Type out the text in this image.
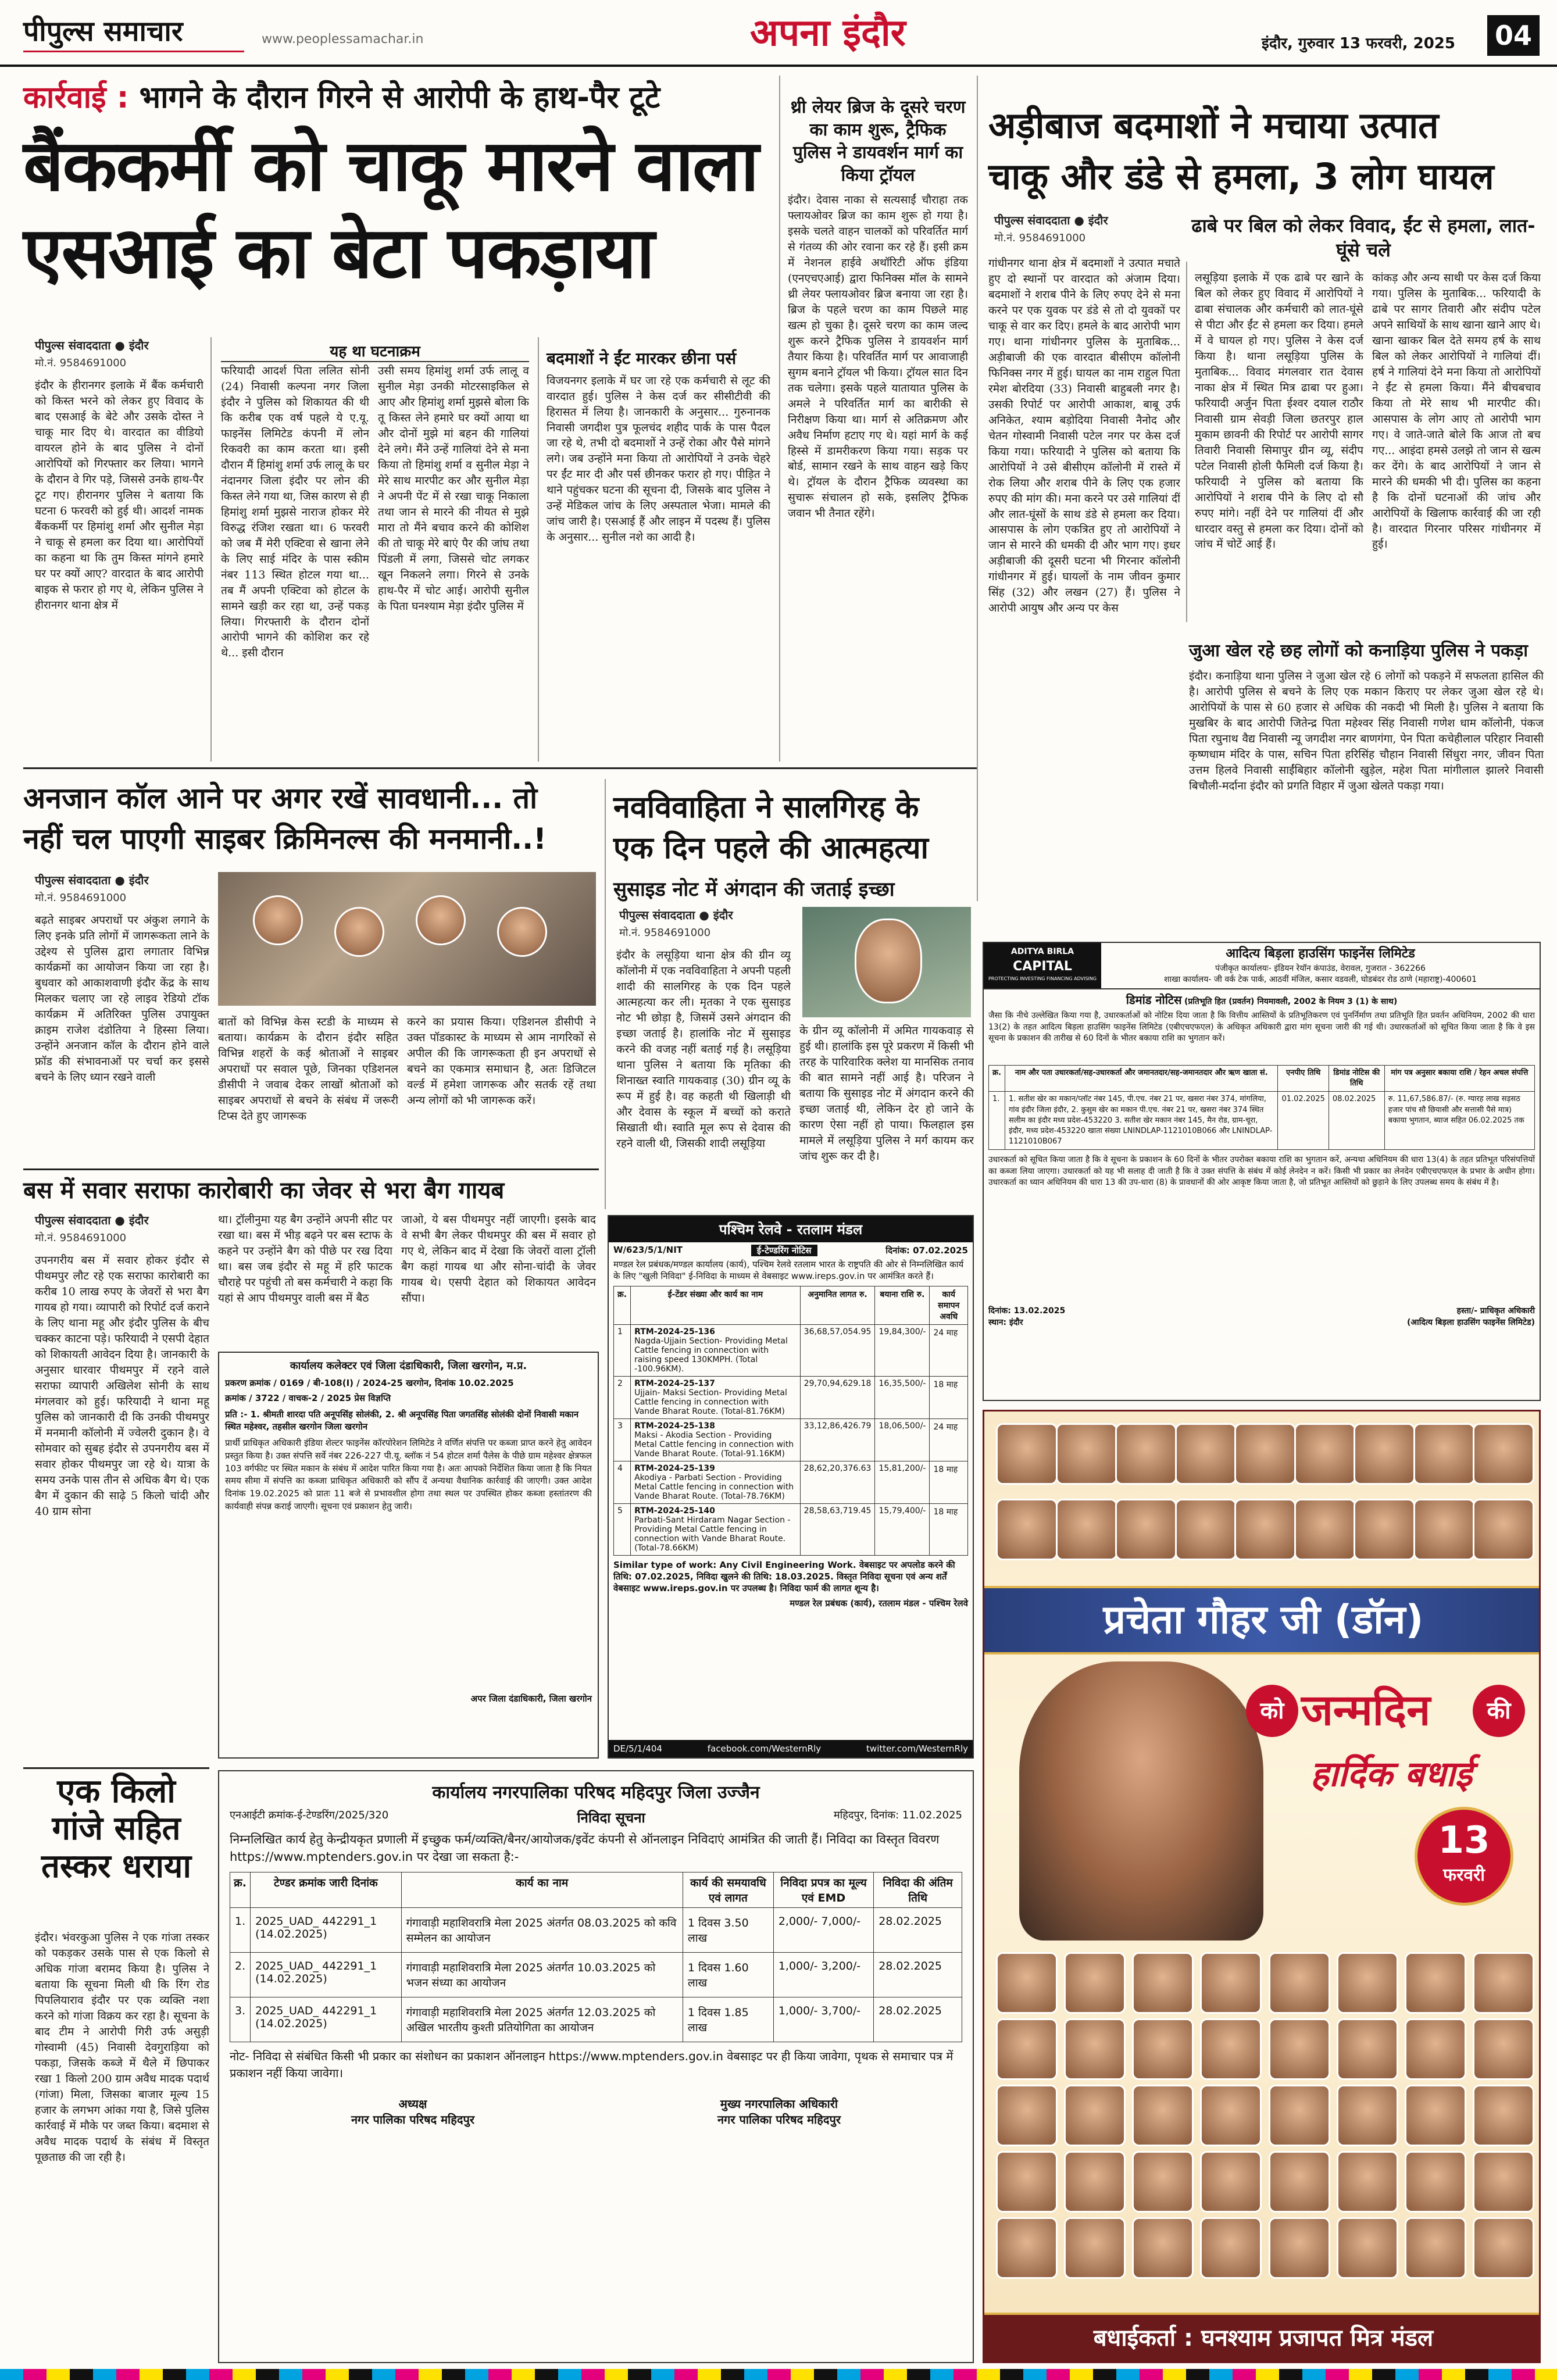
पीपुल्स समाचार	www.peoplessamachar.in	अपना इंदौर	इंदौर, गुरुवार 13 फरवरी, 2025 04
कार्रवाई : भागने के दौरान गिरने से आरोपी के हाथ-पैर टूटे
बैंककर्मी को चाकू मारने वाला
एसआई का बेटा पकड़ाया
पीपुल्स संवाददाता ● इंदौर
मो.नं. 9584691000
इंदौर के हीरानगर इलाके में बैंक कर्मचारी को किस्त भरने को लेकर हुए विवाद के बाद एसआई के बेटे और उसके दोस्त ने चाकू मार दिए थे। वारदात का वीडियो वायरल होने के बाद पुलिस ने दोनों आरोपियों को गिरफ्तार कर लिया। भागने के दौरान वे गिर पड़े, जिससे उनके हाथ-पैर टूट गए। हीरानगर पुलिस ने बताया कि घटना 6 फरवरी को हुई थी। आदर्श नामक बैंककर्मी पर हिमांशु शर्मा और सुनील मेड़ा ने चाकू से हमला कर दिया था। आरोपियों का कहना था कि तुम किस्त मांगने हमारे घर पर क्यों आए? वारदात के बाद आरोपी बाइक से फरार हो गए थे, लेकिन पुलिस ने हीरानगर थाना क्षेत्र में
यह था घटनाक्रम
फरियादी आदर्श पिता ललित सोनी (24) निवासी कल्पना नगर जिला इंदौर ने पुलिस को शिकायत की थी कि करीब एक वर्ष पहले ये ए.यू. फाइनेंस लिमिटेड कंपनी में लोन रिकवरी का काम करता था। इसी दौरान मैं हिमांशु शर्मा उर्फ लालू के घर नंदानगर जिला इंदौर पर लोन की किस्त लेने गया था, जिस कारण से ही हिमांशु शर्मा मुझसे नाराज होकर मेरे विरुद्ध रंजिश रखता था। 6 फरवरी को जब मैं मेरी एक्टिवा से खाना लेने के लिए साई मंदिर के पास स्कीम नंबर 113 स्थित होटल गया था... तब मैं अपनी एक्टिवा को होटल के सामने खड़ी कर रहा था, उन्हें पकड़ लिया। गिरफ्तारी के दौरान दोनों आरोपी भागने की कोशिश कर रहे थे... इसी दौरान
उसी समय हिमांशु शर्मा उर्फ लालू व सुनील मेड़ा उनकी मोटरसाइकिल से आए और हिमांशु शर्मा मुझसे बोला कि तू किस्त लेने हमारे घर क्यों आया था और दोनों मुझे मां बहन की गालियां देने लगे। मैंने उन्हें गालियां देने से मना किया तो हिमांशु शर्मा व सुनील मेड़ा ने मेरे साथ मारपीट कर और सुनील मेड़ा ने अपनी पेंट में से रखा चाकू निकाला तथा जान से मारने की नीयत से मुझे मारा तो मैंने बचाव करने की कोशिश की तो चाकू मेरे बाएं पैर की जांघ तथा पिंडली में लगा, जिससे चोट लगकर खून निकलने लगा। गिरने से उनके हाथ-पैर में चोट आई। आरोपी सुनील के पिता घनश्याम मेड़ा इंदौर पुलिस में
बदमाशों ने ईंट मारकर छीना पर्स
विजयनगर इलाके में घर जा रहे एक कर्मचारी से लूट की वारदात हुई। पुलिस ने केस दर्ज कर सीसीटीवी की हिरासत में लिया है। जानकारी के अनुसार... गुरुनानक निवासी जगदीश पुत्र फूलचंद शहीद पार्क के पास पैदल जा रहे थे, तभी दो बदमाशों ने उन्हें रोका और पैसे मांगने लगे। जब उन्होंने मना किया तो आरोपियों ने उनके चेहरे पर ईंट मार दी और पर्स छीनकर फरार हो गए। पीड़ित ने थाने पहुंचकर घटना की सूचना दी, जिसके बाद पुलिस ने उन्हें मेडिकल जांच के लिए अस्पताल भेजा। मामले की जांच जारी है। एसआई हैं और लाइन में पदस्थ हैं। पुलिस के अनुसार... सुनील नशे का आदी है।
थ्री लेयर ब्रिज के दूसरे चरण का काम शुरू, ट्रैफिक पुलिस ने डायवर्शन मार्ग का किया ट्रॉयल
इंदौर। देवास नाका से सत्यसाईं चौराहा तक फ्लायओवर ब्रिज का काम शुरू हो गया है। इसके चलते वाहन चालकों को परिवर्तित मार्ग से गंतव्य की ओर रवाना कर रहे हैं। इसी क्रम में नेशनल हाईवे अथॉरिटी ऑफ इंडिया (एनएचएआई) द्वारा फिनिक्स मॉल के सामने थ्री लेयर फ्लायओवर ब्रिज बनाया जा रहा है। ब्रिज के पहले चरण का काम पिछले माह खत्म हो चुका है। दूसरे चरण का काम जल्द शुरू करने ट्रैफिक पुलिस ने डायवर्शन मार्ग तैयार किया है। परिवर्तित मार्ग पर आवाजाही सुगम बनाने ट्रॉयल भी किया। ट्रॉयल सात दिन तक चलेगा। इसके पहले यातायात पुलिस के अमले ने परिवर्तित मार्ग का बारीकी से निरीक्षण किया था। मार्ग से अतिक्रमण और अवैध निर्माण हटाए गए थे। यहां मार्ग के कई हिस्से में डामरीकरण किया गया। सड़क पर बोर्ड, सामान रखने के साथ वाहन खड़े किए थे। ट्रॉयल के दौरान ट्रैफिक व्यवस्था का सुचारू संचालन हो सके, इसलिए ट्रैफिक जवान भी तैनात रहेंगे।
अड़ीबाज बदमाशों ने मचाया उत्पात
चाकू और डंडे से हमला, 3 लोग घायल
पीपुल्स संवाददाता ● इंदौर
मो.नं. 9584691000
ढाबे पर बिल को लेकर विवाद, ईंट से हमला, लात-घूंसे चले
गांधीनगर थाना क्षेत्र में बदमाशों ने उत्पात मचाते हुए दो स्थानों पर वारदात को अंजाम दिया। बदमाशों ने शराब पीने के लिए रुपए देने से मना करने पर एक युवक पर डंडे से तो दो युवकों पर चाकू से वार कर दिए। हमले के बाद आरोपी भाग गए। थाना गांधीनगर पुलिस के मुताबिक... अड़ीबाजी की एक वारदात बीसीएम कॉलोनी फिनिक्स नगर में हुई। घायल का नाम राहुल पिता रमेश बोरदिया (33) निवासी बाहुबली नगर है। उसकी रिपोर्ट पर आरोपी आकाश, बाबू उर्फ अनिकेत, श्याम बड़ोदिया निवासी नैनोद और चेतन गोस्वामी निवासी पटेल नगर पर केस दर्ज किया गया। फरियादी ने पुलिस को बताया कि आरोपियों ने उसे बीसीएम कॉलोनी में रास्ते में रोक लिया और शराब पीने के लिए एक हजार रुपए की मांग की। मना करने पर उसे गालियां दीं और लात-घूंसों के साथ डंडे से हमला कर दिया। आसपास के लोग एकत्रित हुए तो आरोपियों ने जान से मारने की धमकी दी और भाग गए। इधर अड़ीबाजी की दूसरी घटना भी गिरनार कॉलोनी गांधीनगर में हुई। घायलों के नाम जीवन कुमार सिंह (32) और लखन (27) हैं। पुलिस ने आरोपी आयुष और अन्य पर केस
लसूड़िया इलाके में एक ढाबे पर खाने के बिल को लेकर हुए विवाद में आरोपियों ने ढाबा संचालक और कर्मचारी को लात-घूंसे से पीटा और ईंट से हमला कर दिया। हमले में वे घायल हो गए। पुलिस ने केस दर्ज किया है। थाना लसूड़िया पुलिस के मुताबिक... विवाद मंगलवार रात देवास नाका क्षेत्र में स्थित मित्र ढाबा पर हुआ। फरियादी अर्जुन पिता ईश्वर दयाल राठौर निवासी ग्राम सेवड़ी जिला छतरपुर हाल मुकाम छावनी की रिपोर्ट पर आरोपी सागर तिवारी निवासी सिमापुर ग्रीन व्यू, संदीप पटेल निवासी होली फैमिली दर्ज किया है। फरियादी ने पुलिस को बताया कि आरोपियों ने शराब पीने के लिए दो सौ रुपए मांगे। नहीं देने पर गालियां दीं और धारदार वस्तु से हमला कर दिया। दोनों को जांच में चोटें आई हैं।
कांकड़ और अन्य साथी पर केस दर्ज किया गया। पुलिस के मुताबिक... फरियादी के ढाबे पर सागर तिवारी और संदीप पटेल अपने साथियों के साथ खाना खाने आए थे। खाना खाकर बिल देते समय हर्ष के साथ बिल को लेकर आरोपियों ने गालियां दीं। हर्ष ने गालियां देने मना किया तो आरोपियों ने ईंट से हमला किया। मैंने बीचबचाव किया तो मेरे साथ भी मारपीट की। आसपास के लोग आए तो आरोपी भाग गए। वे जाते-जाते बोले कि आज तो बच गए... आइंदा हमसे उलझे तो जान से खत्म कर देंगे। के बाद आरोपियों ने जान से मारने की धमकी भी दी। पुलिस का कहना है कि दोनों घटनाओं की जांच और आरोपियों के खिलाफ कार्रवाई की जा रही है। वारदात गिरनार परिसर गांधीनगर में हुई।
जुआ खेल रहे छह लोगों को कनाड़िया पुलिस ने पकड़ा
इंदौर। कनाड़िया थाना पुलिस ने जुआ खेल रहे 6 लोगों को पकड़ने में सफलता हासिल की है। आरोपी पुलिस से बचने के लिए एक मकान किराए पर लेकर जुआ खेल रहे थे। आरोपियों के पास से 60 हजार से अधिक की नकदी भी मिली है। पुलिस ने बताया कि मुखबिर के बाद आरोपी जितेन्द्र पिता महेश्वर सिंह निवासी गणेश धाम कॉलोनी, पंकज पिता रघुनाथ वैद्य निवासी न्यू जगदीश नगर बाणगंगा, पेन पिता कचेहीलाल परिहार निवासी कृष्णधाम मंदिर के पास, सचिन पिता हरिसिंह चौहान निवासी सिंधुरा नगर, जीवन पिता उत्तम हिलवे निवासी साईंबिहार कॉलोनी खुड़ेल, महेश पिता मांगीलाल झालरे निवासी बिचौली-मर्दाना इंदौर को प्रगति विहार में जुआ खेलते पकड़ा गया।
अनजान कॉल आने पर अगर रखें सावधानी... तो
नहीं चल पाएगी साइबर क्रिमिनल्स की मनमानी..!
पीपुल्स संवाददाता ● इंदौर
मो.नं. 9584691000
बढ़ते साइबर अपराधों पर अंकुश लगाने के लिए इनके प्रति लोगों में जागरूकता लाने के उद्देश्य से पुलिस द्वारा लगातार विभिन्न कार्यक्रमों का आयोजन किया जा रहा है। बुधवार को आकाशवाणी इंदौर केंद्र के साथ मिलकर चलाए जा रहे लाइव रेडियो टॉक कार्यक्रम में अतिरिक्त पुलिस उपायुक्त क्राइम राजेश दंडोतिया ने हिस्सा लिया। उन्होंने अनजान कॉल के दौरान होने वाले फ्रॉड की संभावनाओं पर चर्चा कर इससे बचने के लिए ध्यान रखने वाली
बातों को विभिन्न केस स्टडी के माध्यम से बताया। कार्यक्रम के दौरान इंदौर सहित विभिन्न शहरों के कई श्रोताओं ने साइबर अपराधों पर सवाल पूछे, जिनका एडिशनल डीसीपी ने जवाब देकर लाखों श्रोताओं को साइबर अपराधों से बचने के संबंध में जरूरी टिप्स देते हुए जागरूक
करने का प्रयास किया। एडिशनल डीसीपी ने उक्त पॉडकास्ट के माध्यम से आम नागरिकों से अपील की कि जागरूकता ही इन अपराधों से बचने का एकमात्र समाधान है, अतः डिजिटल वर्ल्ड में हमेशा जागरूक और सतर्क रहें तथा अन्य लोगों को भी जागरूक करें।
नवविवाहिता ने सालगिरह के
एक दिन पहले की आत्महत्या
सुसाइड नोट में अंगदान की जताई इच्छा
पीपुल्स संवाददाता ● इंदौर
मो.नं. 9584691000
इंदौर के लसूड़िया थाना क्षेत्र की ग्रीन व्यू कॉलोनी में एक नवविवाहिता ने अपनी पहली शादी की सालगिरह के एक दिन पहले आत्महत्या कर ली। मृतका ने एक सुसाइड नोट भी छोड़ा है, जिसमें उसने अंगदान की इच्छा जताई है। हालांकि नोट में सुसाइड करने की वजह नहीं बताई गई है। लसूड़िया थाना पुलिस ने बताया कि मृतिका की शिनाख्त स्वाति गायकवाड़ (30) ग्रीन व्यू के रूप में हुई है। वह कहती थी खिलाड़ी थी और देवास के स्कूल में बच्चों को कराते सिखाती थी। स्वाति मूल रूप से देवास की रहने वाली थी, जिसकी शादी लसूड़िया
के ग्रीन व्यू कॉलोनी में अमित गायकवाड़ से हुई थी। हालांकि इस पूरे प्रकरण में किसी भी तरह के पारिवारिक क्लेश या मानसिक तनाव की बात सामने नहीं आई है। परिजन ने बताया कि सुसाइड नोट में अंगदान करने की इच्छा जताई थी, लेकिन देर हो जाने के कारण ऐसा नहीं हो पाया। फिलहाल इस मामले में लसूड़िया पुलिस ने मर्ग कायम कर जांच शुरू कर दी है।
बस में सवार सराफा कारोबारी का जेवर से भरा बैग गायब
पीपुल्स संवाददाता ● इंदौर
मो.नं. 9584691000
उपनगरीय बस में सवार होकर इंदौर से पीथमपुर लौट रहे एक सराफा कारोबारी का करीब 10 लाख रुपए के जेवरों से भरा बैग गायब हो गया। व्यापारी को रिपोर्ट दर्ज कराने के लिए थाना महू और इंदौर पुलिस के बीच चक्कर काटना पड़े। फरियादी ने एसपी देहात को शिकायती आवेदन दिया है। जानकारी के अनुसार धारवार पीथमपुर में रहने वाले सराफा व्यापारी अखिलेश सोनी के साथ मंगलवार को हुई। फरियादी ने थाना महू पुलिस को जानकारी दी कि उनकी पीथमपुर में मनमानी कॉलोनी में ज्वेलरी दुकान है। वे सोमवार को सुबह इंदौर से उपनगरीय बस में सवार होकर पीथमपुर जा रहे थे। यात्रा के समय उनके पास तीन से अधिक बैग थे। एक बैग में दुकान की साढ़े 5 किलो चांदी और 40 ग्राम सोना
था। ट्रॉलीनुमा यह बैग उन्होंने अपनी सीट पर रखा था। बस में भीड़ बढ़ने पर बस स्टाफ के कहने पर उन्होंने बैग को पीछे पर रख दिया था। बस जब इंदौर से महू में हरि फाटक चौराहे पर पहुंची तो बस कर्मचारी ने कहा कि यहां से आप पीथमपुर वाली बस में बैठ
जाओ, ये बस पीथमपुर नहीं जाएगी। इसके बाद वे सभी बैग लेकर पीथमपुर की बस में सवार हो गए थे, लेकिन बाद में देखा कि जेवरों वाला ट्रॉली बैग कहां गायब था और सोना-चांदी के जेवर गायब थे। एसपी देहात को शिकायत आवेदन सौंपा।
कार्यालय कलेक्टर एवं जिला दंडाधिकारी, जिला खरगोन, म.प्र.
प्रकरण क्रमांक / 0169 / बी-108(I) / 2024-25 खरगोन, दिनांक 10.02.2025
क्रमांक / 3722 / वाचक-2 / 2025 प्रेस विज्ञप्ति
प्रति :- 1. श्रीमती शारदा पति अनूपसिंह सोलंकी, 2. श्री अनूपसिंह पिता जगतसिंह सोलंकी दोनों निवासी मकान स्थित महेश्वर, तहसील खरगोन जिला खरगोन
प्रार्थी प्राधिकृत अधिकारी इंडिया शेल्टर फाइनेंस कॉरपोरेशन लिमिटेड ने वर्णित संपत्ति पर कब्जा प्राप्त करने हेतु आवेदन प्रस्तुत किया है। उक्त संपत्ति सर्वे नंबर 226-227 पी.यू. ब्लॉक नं 54 होटल शर्मा पैलेस के पीछे ग्राम महेश्वर क्षेत्रफल 103 वर्गफीट पर स्थित मकान के संबंध में आदेश पारित किया गया है। अतः आपको निर्देशित किया जाता है कि नियत समय सीमा में संपत्ति का कब्जा प्राधिकृत अधिकारी को सौंप दें अन्यथा वैधानिक कार्रवाई की जाएगी। उक्त आदेश दिनांक 19.02.2025 को प्रातः 11 बजे से प्रभावशील होगा तथा स्थल पर उपस्थित होकर कब्जा हस्तांतरण की कार्यवाही संपन्न कराई जाएगी। सूचना एवं प्रकाशन हेतु जारी।
अपर जिला दंडाधिकारी, जिला खरगोन
पश्चिम रेलवे - रतलाम मंडल
W/623/5/1/NIT	ई-टेण्डरिंग नोटिस	दिनांक: 07.02.2025
मण्डल रेल प्रबंधक/मण्डल कार्यालय (कार्य), पश्चिम रेलवे रतलाम भारत के राष्ट्रपति की ओर से निम्नलिखित कार्य के लिए "खुली निविदा" ई-निविदा के माध्यम से वेबसाइट www.ireps.gov.in पर आमंत्रित करते हैं।
क्र.	ई-टेंडर संख्या और कार्य का नाम	अनुमानित लागत रु.	बयाना राशि रु.	कार्य समापन अवधि
1	RTM-2024-25-136
Nagda-Ujjain Section- Providing Metal Cattle fencing in connection with raising speed 130KMPH. (Total -100.96KM).	36,68,57,054.95	19,84,300/-	24 माह
2	RTM-2024-25-137
Ujjain- Maksi Section- Providing Metal Cattle fencing in connection with Vande Bharat Route. (Total-81.76KM)	29,70,94,629.18	16,35,500/-	18 माह
3	RTM-2024-25-138
Maksi - Akodia Section - Providing Metal Cattle fencing in connection with Vande Bharat Route. (Total-91.16KM)	33,12,86,426.79	18,06,500/-	24 माह
4	RTM-2024-25-139
Akodiya - Parbati Section - Providing Metal Cattle fencing in connection with Vande Bharat Route. (Total-78.76KM)	28,62,20,376.63	15,81,200/-	18 माह
5	RTM-2024-25-140
Parbati-Sant Hirdaram Nagar Section - Providing Metal Cattle fencing in connection with Vande Bharat Route. (Total-78.66KM)	28,58,63,719.45	15,79,400/-	18 माह
Similar type of work: Any Civil Engineering Work. वेबसाइट पर अपलोड करने की तिथि: 07.02.2025, निविदा खुलने की तिथि: 18.03.2025. विस्तृत निविदा सूचना एवं अन्य शर्तें वेबसाइट www.ireps.gov.in पर उपलब्ध है। निविदा फार्म की लागत शून्य है।
मण्डल रेल प्रबंधक (कार्य), रतलाम मंडल - पश्चिम रेलवे
DE/5/1/404	facebook.com/WesternRly	twitter.com/WesternRly
एक किलो गांजे सहित तस्कर धराया
इंदौर। भंवरकुआ पुलिस ने एक गांजा तस्कर को पकड़कर उसके पास से एक किलो से अधिक गांजा बरामद किया है। पुलिस ने बताया कि सूचना मिली थी कि रिंग रोड पिपलियाराव इंदौर पर एक व्यक्ति नशा करने को गांजा विक्रय कर रहा है। सूचना के बाद टीम ने आरोपी गिरी उर्फ असुड़ी गोस्वामी (45) निवासी देवगुराड़िया को पकड़ा, जिसके कब्जे में थैले में छिपाकर रखा 1 किलो 200 ग्राम अवैध मादक पदार्थ (गांजा) मिला, जिसका बाजार मूल्य 15 हजार के लगभग आंका गया है, जिसे पुलिस कार्रवाई में मौके पर जब्त किया। बदमाश से अवैध मादक पदार्थ के संबंध में विस्तृत पूछताछ की जा रही है।
कार्यालय नगरपालिका परिषद महिदपुर जिला उज्जैन
एनआईटी क्रमांक-ई-टेण्डरिंग/2025/320	निविदा सूचना	महिदपुर, दिनांक: 11.02.2025
निम्नलिखित कार्य हेतु केन्द्रीयकृत प्रणाली में इच्छुक फर्म/व्यक्ति/बैनर/आयोजक/इवेंट कंपनी से ऑनलाइन निविदाएं आमंत्रित की जाती हैं। निविदा का विस्तृत विवरण https://www.mptenders.gov.in पर देखा जा सकता है:-
क्र.	टेण्डर क्रमांक जारी दिनांक	कार्य का नाम	कार्य की समयावधि एवं लागत	निविदा प्रपत्र का मूल्य एवं EMD	निविदा की अंतिम तिथि
1.	2025_UAD_ 442291_1 (14.02.2025)	गंगावाड़ी महाशिवरात्रि मेला 2025 अंतर्गत 08.03.2025 को कवि सम्मेलन का आयोजन	1 दिवस 3.50 लाख	2,000/- 7,000/-	28.02.2025
2.	2025_UAD_ 442291_1 (14.02.2025)	गंगावाड़ी महाशिवरात्रि मेला 2025 अंतर्गत 10.03.2025 को भजन संध्या का आयोजन	1 दिवस 1.60 लाख	1,000/- 3,200/-	28.02.2025
3.	2025_UAD_ 442291_1 (14.02.2025)	गंगावाड़ी महाशिवरात्रि मेला 2025 अंतर्गत 12.03.2025 को अखिल भारतीय कुश्ती प्रतियोगिता का आयोजन	1 दिवस 1.85 लाख	1,000/- 3,700/-	28.02.2025
नोट- निविदा से संबंधित किसी भी प्रकार का संशोधन का प्रकाशन ऑनलाइन https://www.mptenders.gov.in वेबसाइट पर ही किया जावेगा, पृथक से समाचार पत्र में प्रकाशन नहीं किया जावेगा।
अध्यक्ष
नगर पालिका परिषद महिदपुर
मुख्य नगरपालिका अधिकारी
नगर पालिका परिषद महिदपुर
ADITYA BIRLA
CAPITAL
PROTECTING INVESTING FINANCING ADVISING
आदित्य बिड़ला हाउसिंग फाइनेंस लिमिटेड
पंजीकृत कार्यालयः- इंडियन रेयॉन कंपाउंड, वेरावल, गुजरात - 362266
शाखा कार्यालय- जी वर्क टेक पार्क, आठवीं मंजिल, कसार वडवली, घोडबंदर रोड ठाणे (महाराष्ट्र)-400601
डिमांड नोटिस (प्रतिभूति हित (प्रवर्तन) नियमावली, 2002 के नियम 3 (1) के साथ)
जैसा कि नीचे उल्लेखित किया गया है, उधारकर्ताओं को नोटिस दिया जाता है कि वित्तीय आस्तियों के प्रतिभूतिकरण एवं पुनर्निर्माण तथा प्रतिभूति हित प्रवर्तन अधिनियम, 2002 की धारा 13(2) के तहत आदित्य बिड़ला हाउसिंग फाइनेंस लिमिटेड (एबीएचएफएल) के अधिकृत अधिकारी द्वारा मांग सूचना जारी की गई थी। उधारकर्ताओं को सूचित किया जाता है कि वे इस सूचना के प्रकाशन की तारीख से 60 दिनों के भीतर बकाया राशि का भुगतान करें।
क्र.	नाम और पता उधारकर्ता/सह-उधारकर्ता और जमानतदार/सह-जमानतदार और ऋण खाता सं.	एनपीए तिथि	डिमांड नोटिस की तिथि	मांग पत्र अनुसार बकाया राशि / रेहन अचल संपत्ति
1.	1. सतीश खेर का मकान/प्लॉट नंबर 145, पी.एच. नंबर 21 पर, खसरा नंबर 374, मांगलिया, गांव इंदौर जिला इंदौर, 2. कुसुम खेर का मकान पी.एच. नंबर 21 पर, खसरा नंबर 374 स्थित सलीम का इंदौर मध्य प्रदेश-453220 3. सतीश खेर मकान नंबर 145, मैन रोड, ग्राम-चूरा, इंदौर, मध्य प्रदेश-453220 खाता संख्या LNINDLAP-1121010B066 और LNINDLAP-1121010B067	01.02.2025	08.02.2025	रु. 11,67,586.87/- (रु. ग्यारह लाख सड़सठ हजार पांच सौ छियासी और सत्तासी पैसे मात्र) बकाया भुगतान, ब्याज सहित 06.02.2025 तक
उधारकर्ता को सूचित किया जाता है कि वे सूचना के प्रकाशन के 60 दिनों के भीतर उपरोक्त बकाया राशि का भुगतान करें, अन्यथा अधिनियम की धारा 13(4) के तहत प्रतिभूत परिसंपत्तियों का कब्जा लिया जाएगा। उधारकर्ता को यह भी सलाह दी जाती है कि वे उक्त संपत्ति के संबंध में कोई लेनदेन न करें। किसी भी प्रकार का लेनदेन एबीएचएफएल के प्रभार के अधीन होगा। उधारकर्ता का ध्यान अधिनियम की धारा 13 की उप-धारा (8) के प्रावधानों की ओर आकृष्ट किया जाता है, जो प्रतिभूत आस्तियों को छुड़ाने के लिए उपलब्ध समय के संबंध में है।
दिनांक: 13.02.2025
स्थान: इंदौर
हस्ता/- प्राधिकृत अधिकारी
(आदित्य बिड़ला हाउसिंग फाइनेंस लिमिटेड)
प्रचेता गौहर जी (डॉन)
को जन्मदिन	की
हार्दिक बधाई
13
फरवरी
बधाईकर्ता : घनश्याम प्रजापत मित्र मंडल
